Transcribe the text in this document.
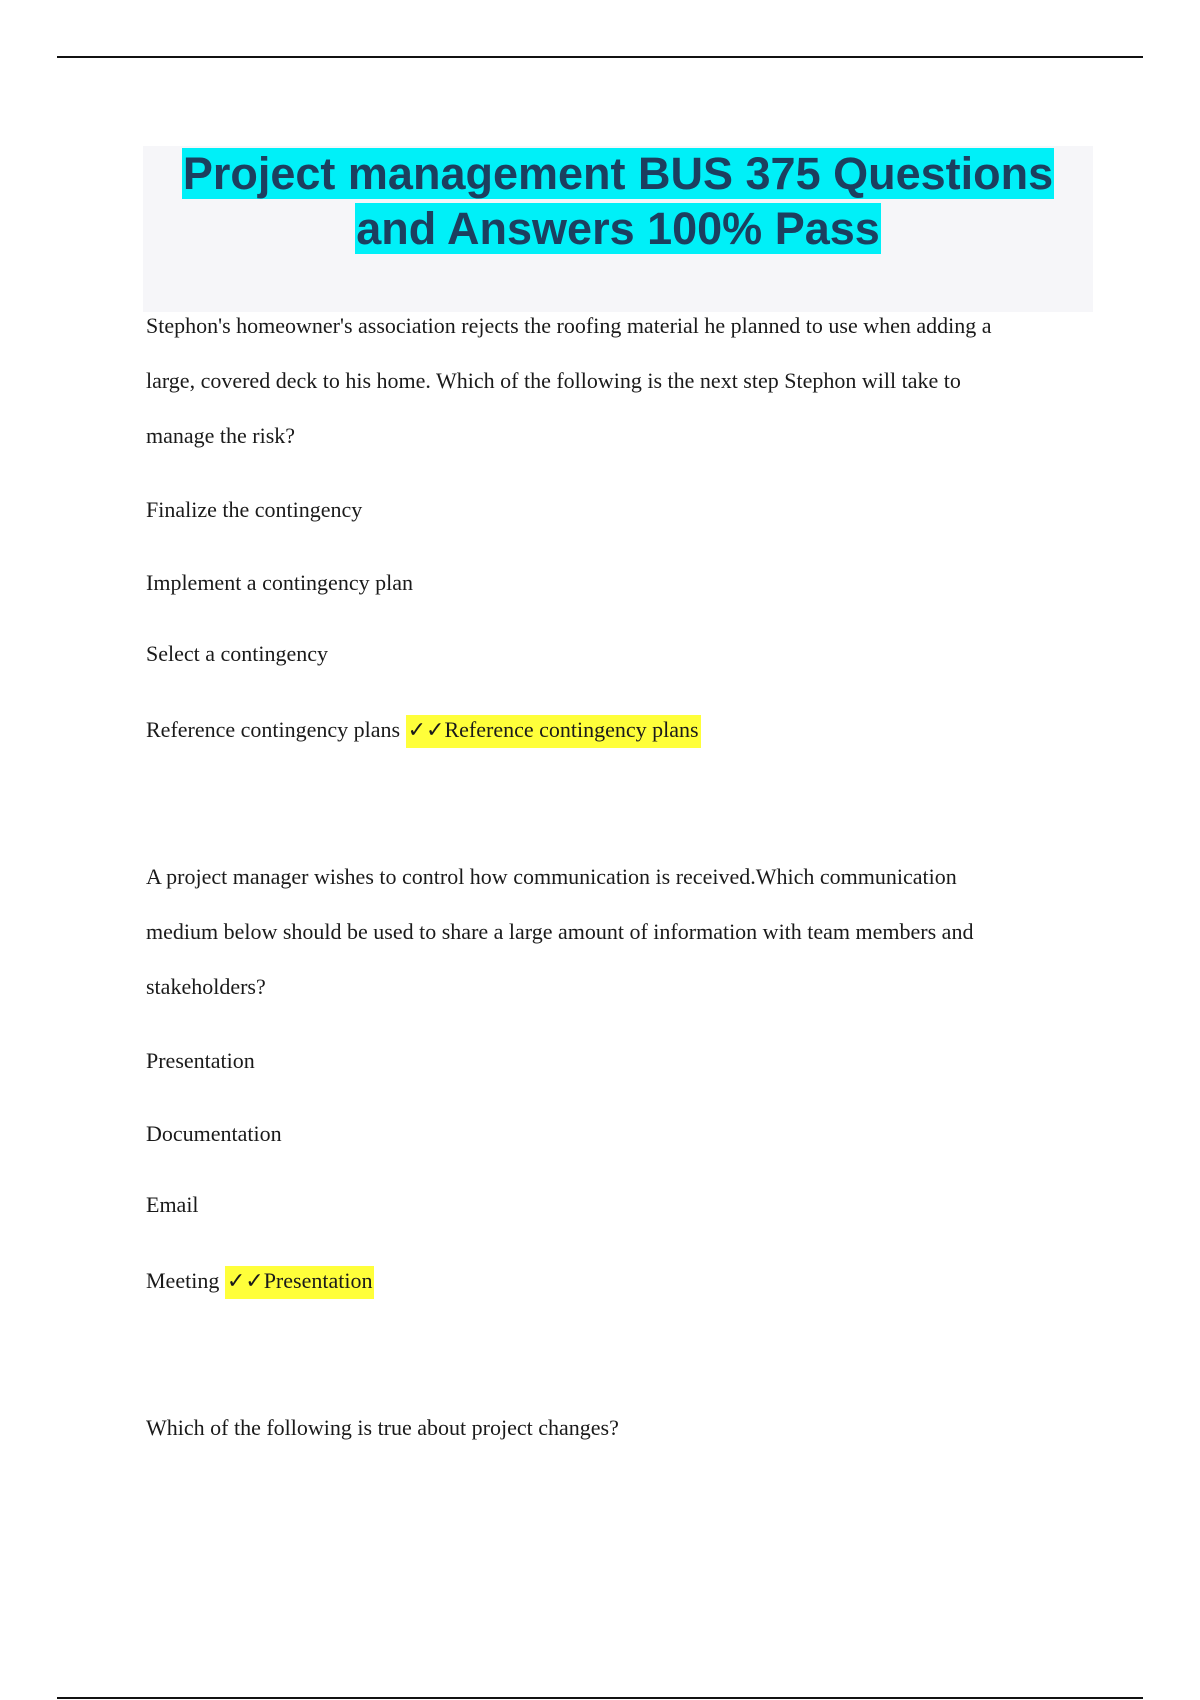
Project management BUS 375 Questions
and Answers 100% Pass

Stephon's homeowner's association rejects the roofing material he planned to use when adding a
large, covered deck to his home. Which of the following is the next step Stephon will take to
manage the risk?

Finalize the contingency

Implement a contingency plan

Select a contingency

Reference contingency plans ✓✓Reference contingency plans

A project manager wishes to control how communication is received.Which communication
medium below should be used to share a large amount of information with team members and
stakeholders?

Presentation

Documentation

Email

Meeting ✓✓Presentation

Which of the following is true about project changes?
